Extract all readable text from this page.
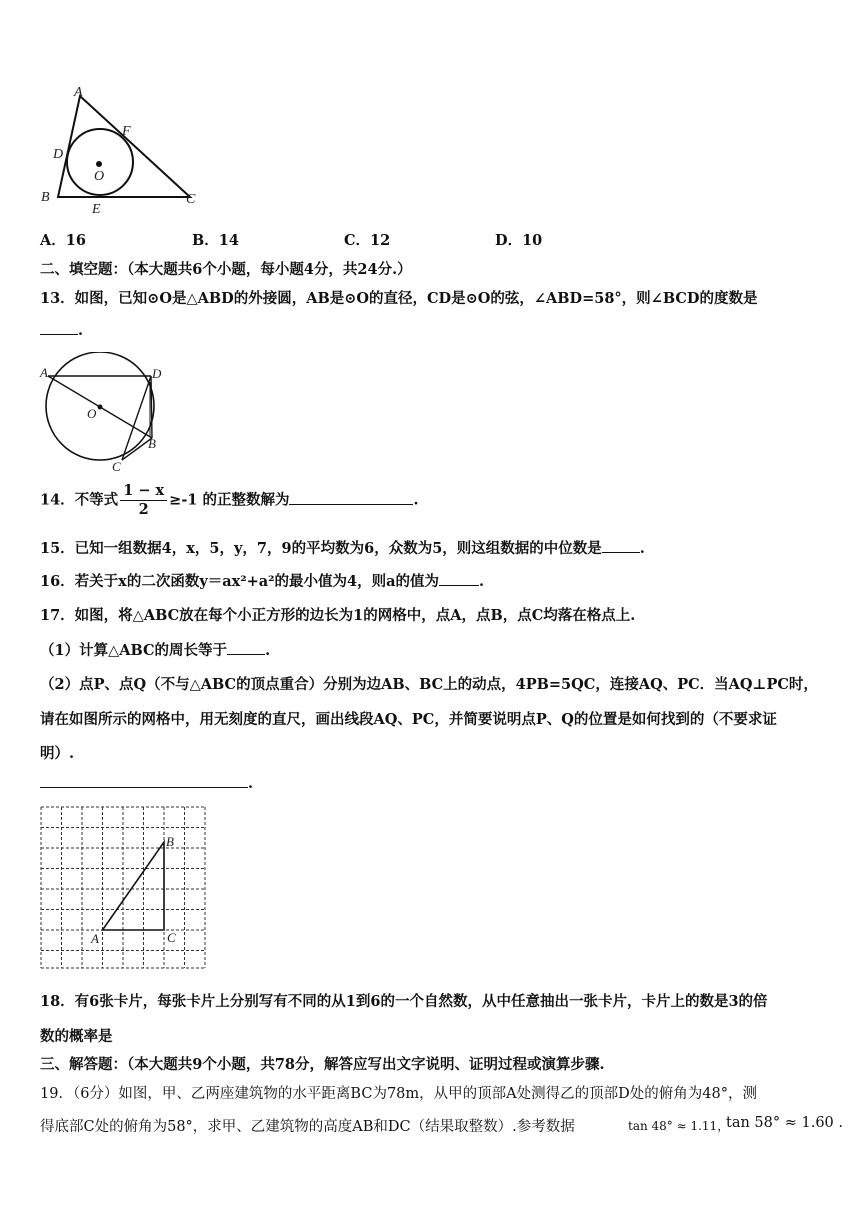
A
F
D
O
B
E
C
A．16	B．14	C．12	D．10
二、填空题：（本大题共6个小题，每小题4分，共24分.）
13．如图，已知⊙O是△ABD的外接圆，AB是⊙O的直径，CD是⊙O的弦，∠ABD=58°，则∠BCD的度数是
.
A	D
O
B
C
14．不等式 $\frac{1 - x}{2} \ge-1$ 的正整数解为	.
15．已知一组数据4，x，5，y，7，9的平均数为6，众数为5，则这组数据的中位数是	.
16．若关于x的二次函数y＝ax²+a²的最小值为4，则a的值为	.
17．如图，将△ABC放在每个小正方形的边长为1的网格中，点A，点B，点C均落在格点上.
（1）计算△ABC的周长等于	.
（2）点P、点Q（不与△ABC的顶点重合）分别为边AB、BC上的动点，4PB=5QC，连接AQ、PC．当AQ⊥PC时，
请在如图所示的网格中，用无刻度的直尺，画出线段AQ、PC，并简要说明点P、Q的位置是如何找到的（不要求证
明）.
.
B
A	C
18．有6张卡片，每张卡片上分别写有不同的从1到6的一个自然数，从中任意抽出一张卡片，卡片上的数是3的倍
数的概率是
三、解答题：（本大题共9个小题，共78分，解答应写出文字说明、证明过程或演算步骤.
19．（6分）如图，甲、乙两座建筑物的水平距离BC为78m，从甲的顶部A处测得乙的顶部D处的俯角为48°，测
得底部C处的俯角为58°，求甲、乙建筑物的高度AB和DC（结果取整数）.参考数据	tan 48° ≈ 1.11，
tan 58° ≈ 1.60 .
